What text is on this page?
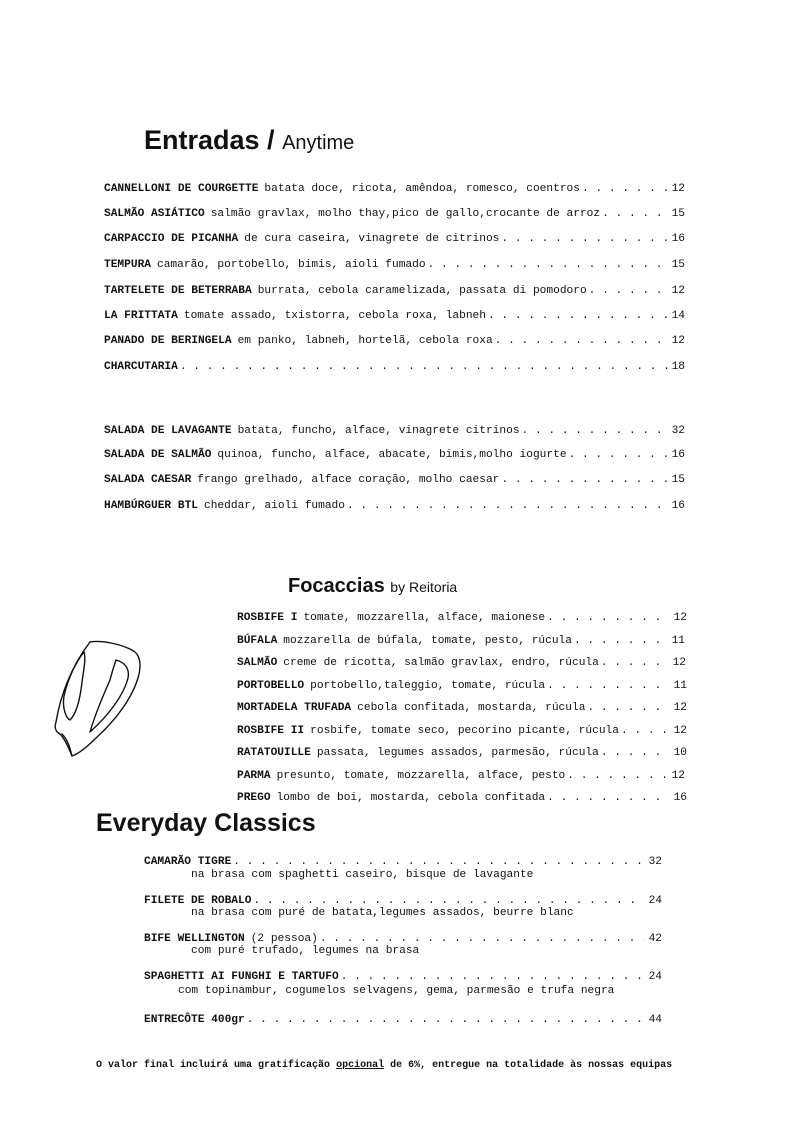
Entradas / Anytime
CANNELLONI DE COURGETTE batata doce, ricota, amêndoa, romesco, coentros . . .	12
SALMÃO ASIÁTICO salmão gravlax, molho thay,pico de gallo,crocante de arroz . . .	15
CARPACCIO DE PICANHA de cura caseira, vinagrete de citrinos . . .	16
TEMPURA camarão, portobello, bimis, aioli fumado . . .	15
TARTELETE DE BETERRABA burrata, cebola caramelizada, passata di pomodoro . . .	12
LA FRITTATA tomate assado, txistorra, cebola roxa, labneh . . .	14
PANADO DE BERINGELA em panko, labneh, hortelã, cebola roxa . . .	12
CHARCUTARIA . . .	18
SALADA DE LAVAGANTE batata, funcho, alface, vinagrete citrinos . . .	32
SALADA DE SALMÃO quinoa, funcho, alface, abacate, bimis,molho iogurte . . .	16
SALADA CAESAR frango grelhado, alface coração, molho caesar . . .	15
HAMBÚRGUER BTL cheddar, aioli fumado . . .	16
Focaccias by Reitoria
ROSBIFE I tomate, mozzarella, alface, maionese . . .	12
BÚFALA mozzarella de búfala, tomate, pesto, rúcula . . .	11
SALMÃO creme de ricotta, salmão gravlax, endro, rúcula . . .	12
PORTOBELLO portobello,taleggio, tomate, rúcula . . .	11
MORTADELA TRUFADA cebola confitada, mostarda, rúcula . . .	12
ROSBIFE II rosbife, tomate seco, pecorino picante, rúcula . . .	12
RATATOUILLE passata, legumes assados, parmesão, rúcula . . .	10
PARMA presunto, tomate, mozzarella, alface, pesto . . .	12
PREGO lombo de boi, mostarda, cebola confitada . . .	16
Everyday Classics
CAMARÃO TIGRE . . .	32
na brasa com spaghetti caseiro, bisque de lavagante
FILETE DE ROBALO . . .	24
na brasa com puré de batata,legumes assados, beurre blanc
BIFE WELLINGTON (2 pessoa) . . .	42
com puré trufado, legumes na brasa
SPAGHETTI AI FUNGHI E TARTUFO . . .	24
com topinambur, cogumelos selvagens, gema, parmesão e trufa negra
ENTRECÔTE 400gr . . .	44
O valor final incluirá uma gratificação opcional de 6%, entregue na totalidade às nossas equipas
